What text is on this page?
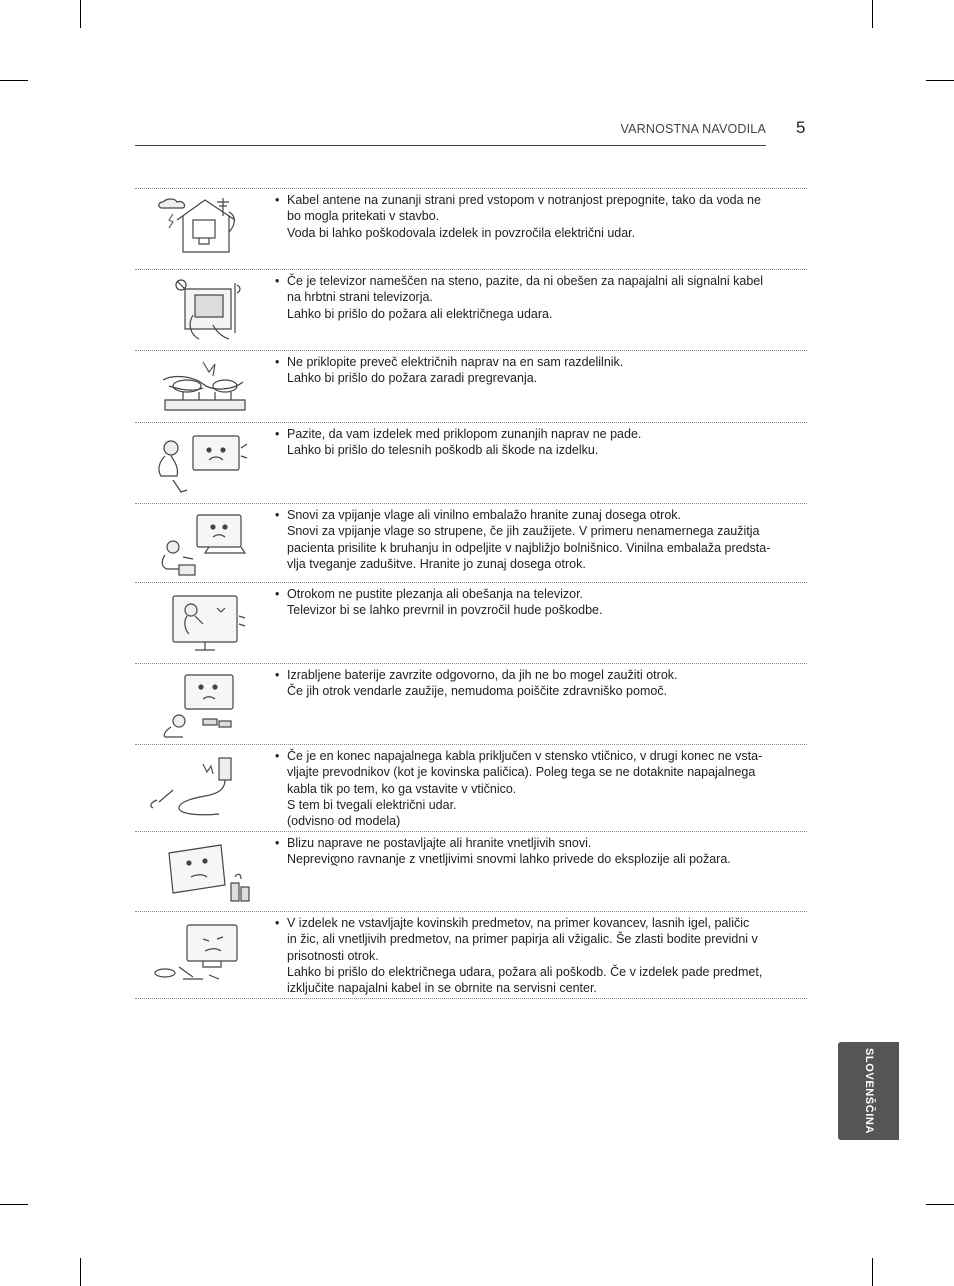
VARNOSTNA NAVODILA 5
• Kabel antene na zunanji strani pred vstopom v notranjost prepognite, tako da voda ne
bo mogla pritekati v stavbo.
Voda bi lahko poškodovala izdelek in povzročila električni udar.
• Če je televizor nameščen na steno, pazite, da ni obešen za napajalni ali signalni kabel
na hrbtni strani televizorja.
Lahko bi prišlo do požara ali električnega udara.
• Ne priklopite preveč električnih naprav na en sam razdelilnik.
Lahko bi prišlo do požara zaradi pregrevanja.
• Pazite, da vam izdelek med priklopom zunanjih naprav ne pade.
Lahko bi prišlo do telesnih poškodb ali škode na izdelku.
• Snovi za vpijanje vlage ali vinilno embalažo hranite zunaj dosega otrok.
Snovi za vpijanje vlage so strupene, če jih zaužijete. V primeru nenamernega zaužitja
pacienta prisilite k bruhanju in odpeljite v najbližjo bolnišnico. Vinilna embalaža predsta-
vlja tveganje zadušitve. Hranite jo zunaj dosega otrok.
• Otrokom ne pustite plezanja ali obešanja na televizor.
Televizor bi se lahko prevrnil in povzročil hude poškodbe.
• Izrabljene baterije zavrzite odgovorno, da jih ne bo mogel zaužiti otrok.
Če jih otrok vendarle zaužije, nemudoma poiščite zdravniško pomoč.
• Če je en konec napajalnega kabla priključen v stensko vtičnico, v drugi konec ne vsta-
vljajte prevodnikov (kot je kovinska paličica). Poleg tega se ne dotaknite napajalnega
kabla tik po tem, ko ga vstavite v vtičnico.
S tem bi tvegali električni udar.
(odvisno od modela)
• Blizu naprave ne postavljajte ali hranite vnetljivih snovi.
Nepreviდno ravnanje z vnetljivimi snovmi lahko privede do eksplozije ali požara.
• V izdelek ne vstavljajte kovinskih predmetov, na primer kovancev, lasnih igel, paličic
in žic, ali vnetljivih predmetov, na primer papirja ali vžigalic. Še zlasti bodite previdni v
prisotnosti otrok.
Lahko bi prišlo do električnega udara, požara ali poškodb. Če v izdelek pade predmet,
izključite napajalni kabel in se obrnite na servisni center.
SLOVENŠČINA
